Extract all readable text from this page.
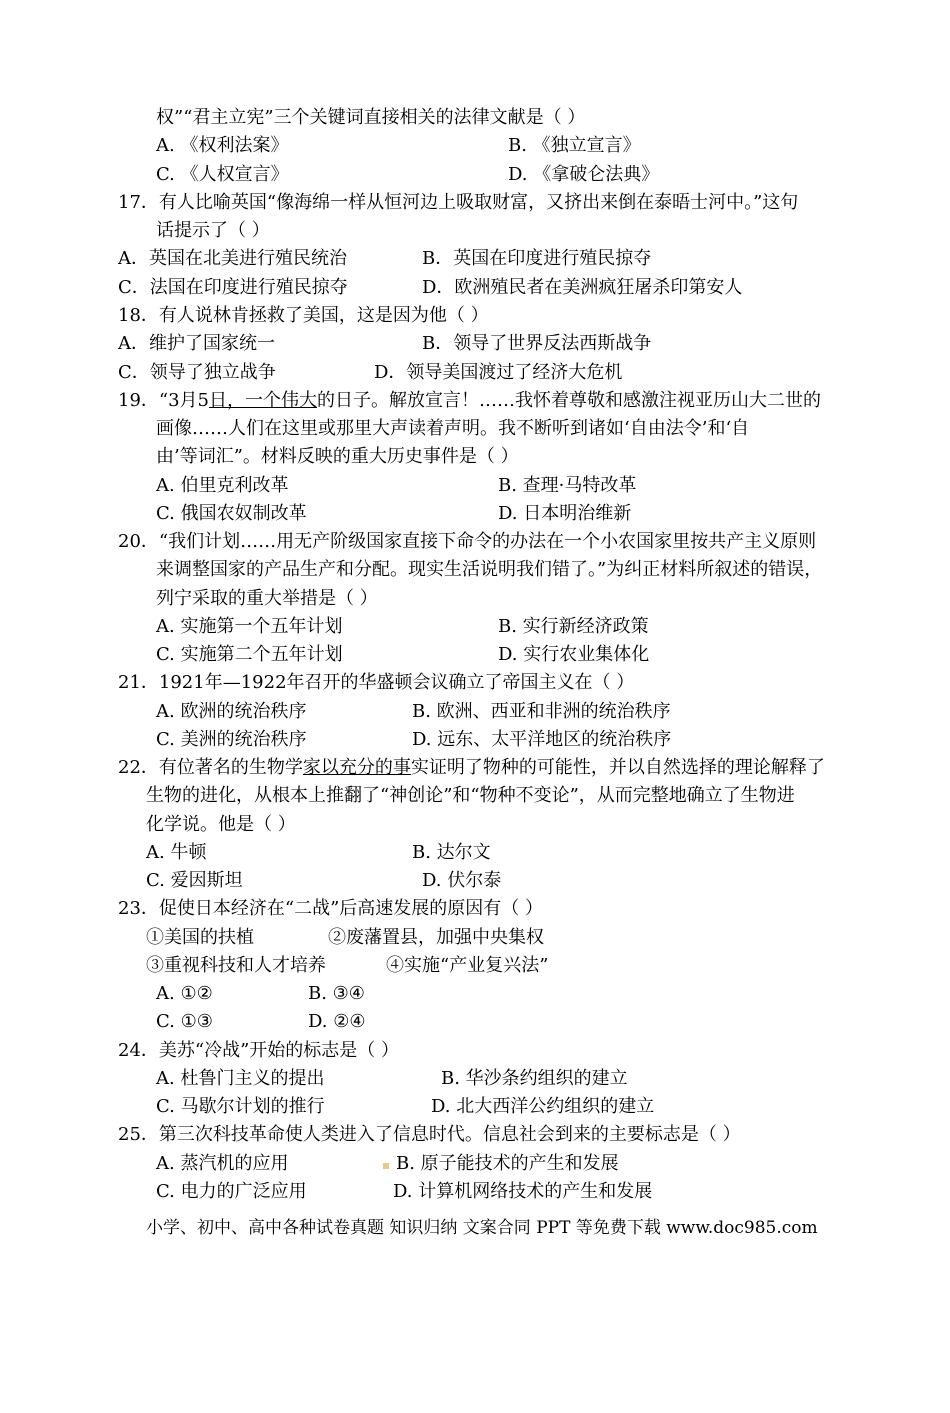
权”“君主立宪”三个关键词直接相关的法律文献是（ ）
A. 《权利法案》	B. 《独立宣言》
C. 《人权宣言》	D. 《拿破仑法典》
17．有人比喻英国“像海绵一样从恒河边上吸取财富，又挤出来倒在泰晤士河中。”这句
话提示了（ ）
A．英国在北美进行殖民统治	B．英国在印度进行殖民掠夺
C．法国在印度进行殖民掠夺	D．欧洲殖民者在美洲疯狂屠杀印第安人
18．有人说林肯拯救了美国，这是因为他（ ）
A．维护了国家统一	B．领导了世界反法西斯战争
C．领导了独立战争	D．领导美国渡过了经济大危机
19．“3月5日，一个伟大的日子。解放宣言！……我怀着尊敬和感激注视亚历山大二世的
画像……人们在这里或那里大声读着声明。我不断听到诸如‘自由法令’和‘自
由’等词汇”。材料反映的重大历史事件是（ ）
A. 伯里克利改革	B. 查理·马特改革
C. 俄国农奴制改革	D. 日本明治维新
20．“我们计划……用无产阶级国家直接下命令的办法在一个小农国家里按共产主义原则
来调整国家的产品生产和分配。现实生活说明我们错了。”为纠正材料所叙述的错误，
列宁采取的重大举措是（ ）
A. 实施第一个五年计划	B. 实行新经济政策
C. 实施第二个五年计划	D. 实行农业集体化
21．1921年—1922年召开的华盛顿会议确立了帝国主义在（ ）
A. 欧洲的统治秩序	B. 欧洲、西亚和非洲的统治秩序
C. 美洲的统治秩序	D. 远东、太平洋地区的统治秩序
22．有位著名的生物学家以充分的事实证明了物种的可能性，并以自然选择的理论解释了
生物的进化，从根本上推翻了“神创论”和“物种不变论”，从而完整地确立了生物进
化学说。他是（ ）
A. 牛顿	B. 达尔文
C. 爱因斯坦	D. 伏尔泰
23．促使日本经济在“二战”后高速发展的原因有（ ）
①美国的扶植	②废藩置县，加强中央集权
③重视科技和人才培养	④实施“产业复兴法”
A. ①②	B. ③④
C. ①③	D. ②④
24．美苏“冷战”开始的标志是（ ）
A. 杜鲁门主义的提出	B. 华沙条约组织的建立
C. 马歇尔计划的推行	D. 北大西洋公约组织的建立
25．第三次科技革命使人类进入了信息时代。信息社会到来的主要标志是（ ）
A. 蒸汽机的应用	B. 原子能技术的产生和发展
C. 电力的广泛应用	D. 计算机网络技术的产生和发展
小学、初中、高中各种试卷真题 知识归纳 文案合同 PPT 等免费下载 www.doc985.com
